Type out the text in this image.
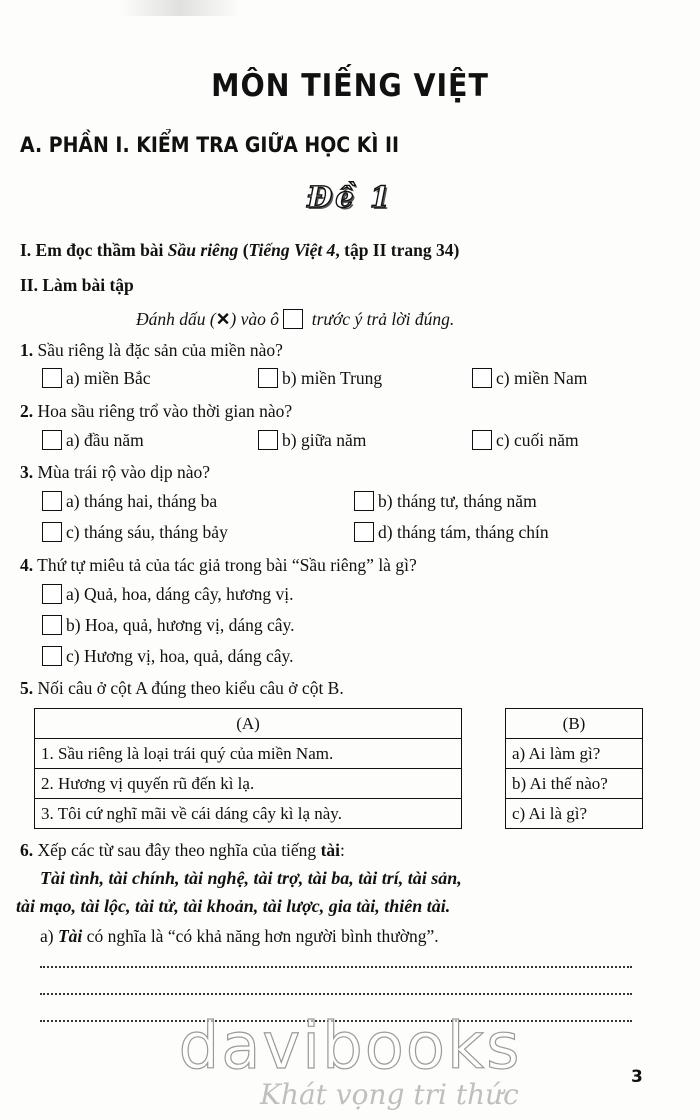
MÔN TIẾNG VIỆT
A. PHẦN I. KIỂM TRA GIỮA HỌC KÌ II
Đề 1
I. Em đọc thầm bài Sầu riêng (Tiếng Việt 4, tập II trang 34)
II. Làm bài tập
Đánh dấu (✕) vào ô  trước ý trả lời đúng.
1. Sầu riêng là đặc sản của miền nào?
a) miền Bắc	b) miền Trung	c) miền Nam
2. Hoa sầu riêng trổ vào thời gian nào?
a) đầu năm	b) giữa năm	c) cuối năm
3. Mùa trái rộ vào dịp nào?
a) tháng hai, tháng ba	b) tháng tư, tháng năm
c) tháng sáu, tháng bảy	d) tháng tám, tháng chín
4. Thứ tự miêu tả của tác giả trong bài “Sầu riêng” là gì?
a) Quả, hoa, dáng cây, hương vị.
b) Hoa, quả, hương vị, dáng cây.
c) Hương vị, hoa, quả, dáng cây.
5. Nối câu ở cột A đúng theo kiểu câu ở cột B.
(A)
1. Sầu riêng là loại trái quý của miền Nam.
2. Hương vị quyến rũ đến kì lạ.
3. Tôi cứ nghĩ mãi về cái dáng cây kì lạ này.
(B)
a) Ai làm gì?
b) Ai thế nào?
c) Ai là gì?
6. Xếp các từ sau đây theo nghĩa của tiếng tài:
Tài tình, tài chính, tài nghệ, tài trợ, tài ba, tài trí, tài sản,
tài mạo, tài lộc, tài tử, tài khoản, tài lược, gia tài, thiên tài.
a) Tài có nghĩa là “có khả năng hơn người bình thường”.
davibooks
Khát vọng tri thức
3
